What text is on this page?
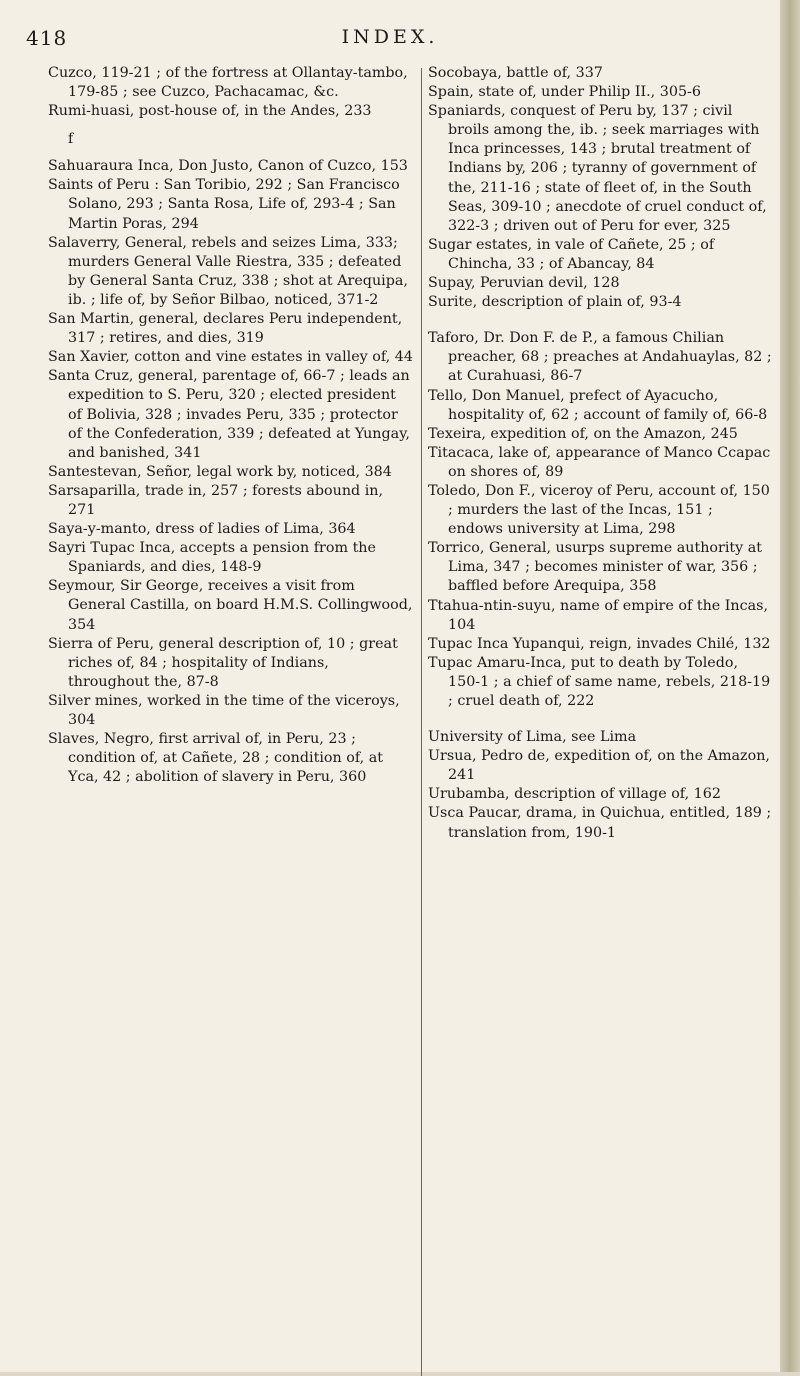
418	INDEX.

Cuzco, 119-21 ; of the fortress at Ollantay-tambo, 179-85 ; see Cuzco, Pachacamac, &c.

Rumi-huasi, post-house of, in the Andes, 233

f

Sahuaraura Inca, Don Justo, Canon of Cuzco, 153

Saints of Peru : San Toribio, 292 ; San Francisco Solano, 293 ; Santa Rosa, Life of, 293-4 ; San Martin Poras, 294

Salaverry, General, rebels and seizes Lima, 333; murders General Valle Riestra, 335 ; defeated by General Santa Cruz, 338 ; shot at Arequipa, ib. ; life of, by Señor Bilbao, noticed, 371-2

San Martin, general, declares Peru independent, 317 ; retires, and dies, 319

San Xavier, cotton and vine estates in valley of, 44

Santa Cruz, general, parentage of, 66-7 ; leads an expedition to S. Peru, 320 ; elected president of Bolivia, 328 ; invades Peru, 335 ; protector of the Confederation, 339 ; defeated at Yungay, and banished, 341

Santestevan, Señor, legal work by, noticed, 384

Sarsaparilla, trade in, 257 ; forests abound in, 271

Saya-y-manto, dress of ladies of Lima, 364

Sayri Tupac Inca, accepts a pension from the Spaniards, and dies, 148-9

Seymour, Sir George, receives a visit from General Castilla, on board H.M.S. Collingwood, 354

Sierra of Peru, general description of, 10 ; great riches of, 84 ; hospitality of Indians, throughout the, 87-8

Silver mines, worked in the time of the viceroys, 304

Slaves, Negro, first arrival of, in Peru, 23 ; condition of, at Cañete, 28 ; condition of, at Yca, 42 ; abolition of slavery in Peru, 360

Socobaya, battle of, 337

Spain, state of, under Philip II., 305-6

Spaniards, conquest of Peru by, 137 ; civil broils among the, ib. ; seek marriages with Inca princesses, 143 ; brutal treatment of Indians by, 206 ; tyranny of government of the, 211-16 ; state of fleet of, in the South Seas, 309-10 ; anecdote of cruel conduct of, 322-3 ; driven out of Peru for ever, 325

Sugar estates, in vale of Cañete, 25 ; of Chincha, 33 ; of Abancay, 84

Supay, Peruvian devil, 128

Surite, description of plain of, 93-4

Taforo, Dr. Don F. de P., a famous Chilian preacher, 68 ; preaches at Andahuaylas, 82 ; at Curahuasi, 86-7

Tello, Don Manuel, prefect of Ayacucho, hospitality of, 62 ; account of family of, 66-8

Texeira, expedition of, on the Amazon, 245

Titacaca, lake of, appearance of Manco Ccapac on shores of, 89

Toledo, Don F., viceroy of Peru, account of, 150 ; murders the last of the Incas, 151 ; endows university at Lima, 298

Torrico, General, usurps supreme authority at Lima, 347 ; becomes minister of war, 356 ; baffled before Arequipa, 358

Ttahua-ntin-suyu, name of empire of the Incas, 104

Tupac Inca Yupanqui, reign, invades Chilé, 132

Tupac Amaru-Inca, put to death by Toledo, 150-1 ; a chief of same name, rebels, 218-19 ; cruel death of, 222

University of Lima, see Lima

Ursua, Pedro de, expedition of, on the Amazon, 241

Urubamba, description of village of, 162

Usca Paucar, drama, in Quichua, entitled, 189 ; translation from, 190-1
